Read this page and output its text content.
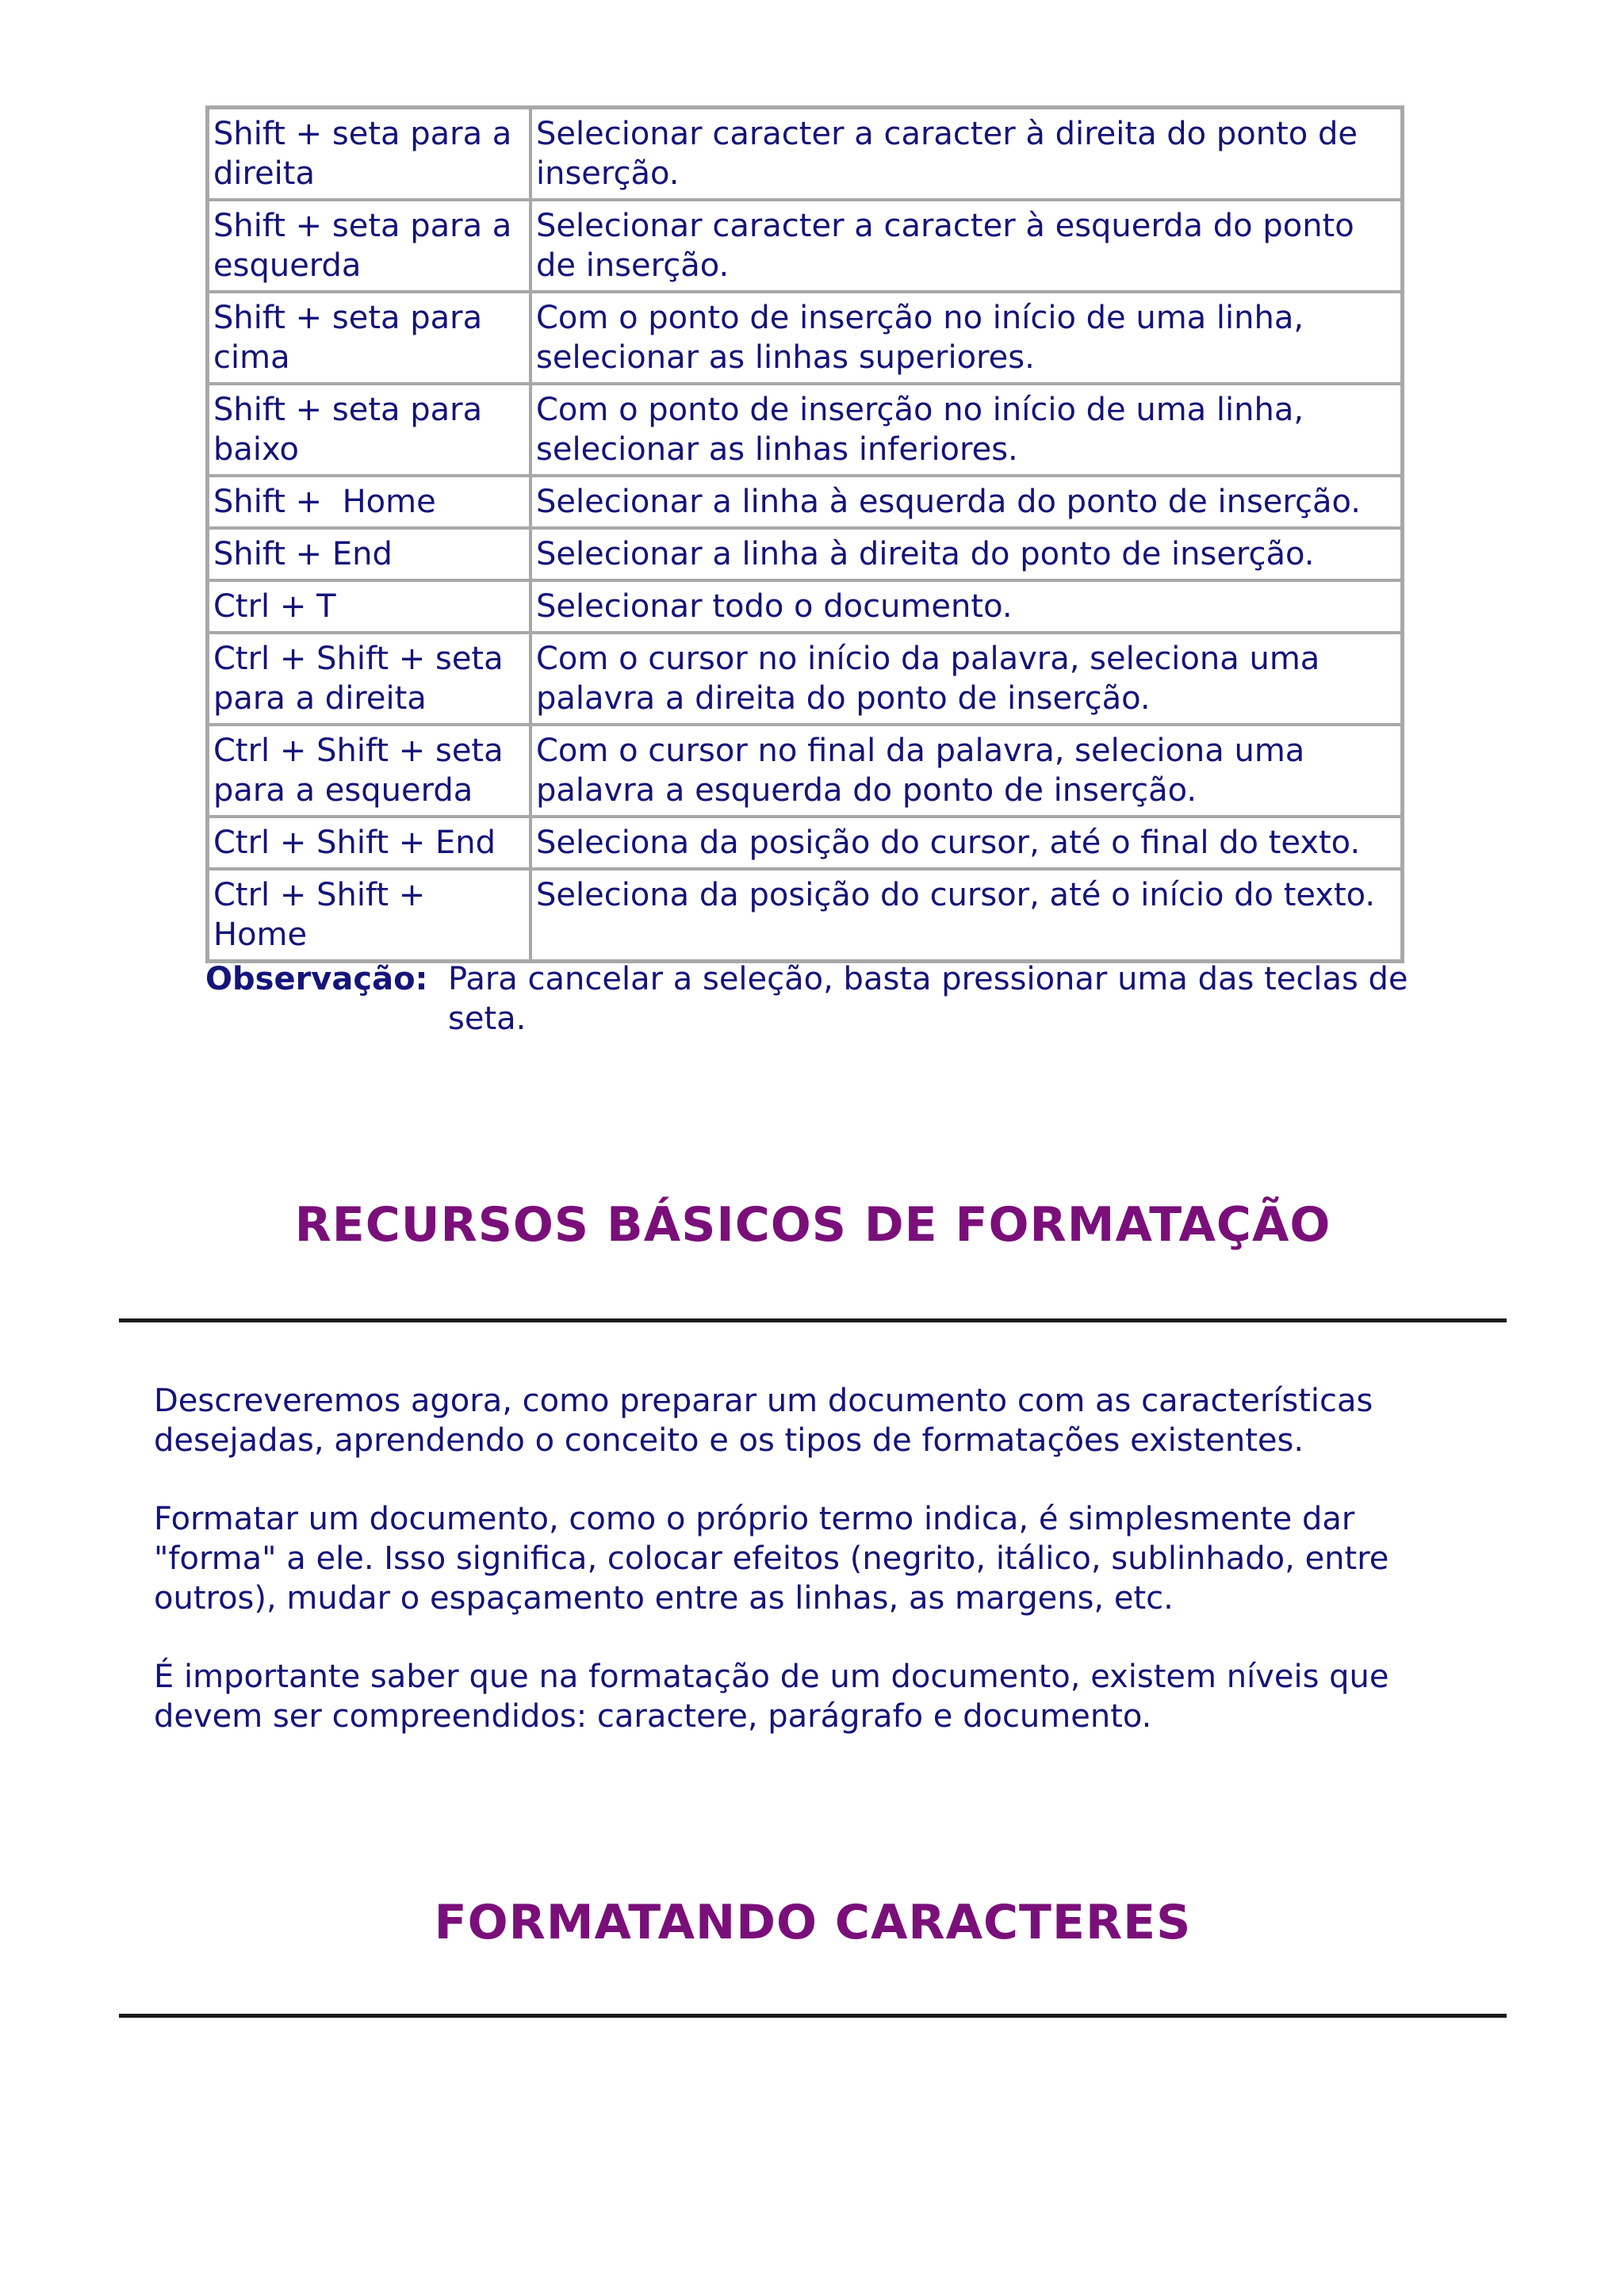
Shift + seta para a direita	Selecionar caracter a caracter à direita do ponto de inserção.
Shift + seta para a esquerda	Selecionar caracter a caracter à esquerda do ponto de inserção.
Shift + seta para cima	Com o ponto de inserção no início de uma linha, selecionar as linhas superiores.
Shift + seta para baixo	Com o ponto de inserção no início de uma linha, selecionar as linhas inferiores.
Shift +  Home	Selecionar a linha à esquerda do ponto de inserção.
Shift + End	Selecionar a linha à direita do ponto de inserção.
Ctrl + T	Selecionar todo o documento.
Ctrl + Shift + seta para a direita	Com o cursor no início da palavra, seleciona uma palavra a direita do ponto de inserção.
Ctrl + Shift + seta para a esquerda	Com o cursor no final da palavra, seleciona uma palavra a esquerda do ponto de inserção.
Ctrl + Shift + End	Seleciona da posição do cursor, até o final do texto.
Ctrl + Shift + Home	Seleciona da posição do cursor, até o início do texto.
Observação: Para cancelar a seleção, basta pressionar uma das teclas de seta.
RECURSOS BÁSICOS DE FORMATAÇÃO
Descreveremos agora, como preparar um documento com as características desejadas, aprendendo o conceito e os tipos de formatações existentes.
Formatar um documento, como o próprio termo indica, é simplesmente dar "forma" a ele. Isso significa, colocar efeitos (negrito, itálico, sublinhado, entre outros), mudar o espaçamento entre as linhas, as margens, etc.
É importante saber que na formatação de um documento, existem níveis que devem ser compreendidos: caractere, parágrafo e documento.
FORMATANDO CARACTERES
